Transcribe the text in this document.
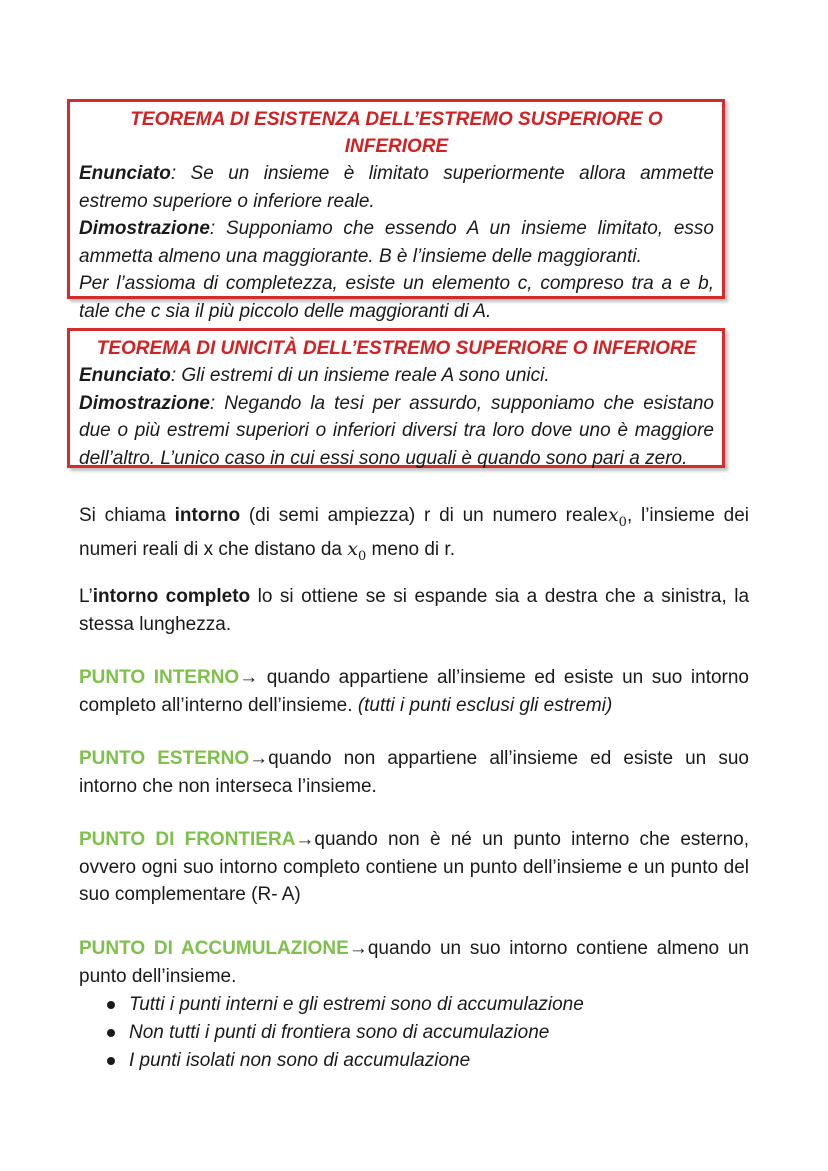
TEOREMA DI ESISTENZA DELL’ESTREMO SUSPERIORE O INFERIORE

Enunciato: Se un insieme è limitato superiormente allora ammette estremo superiore o inferiore reale.

Dimostrazione: Supponiamo che essendo A un insieme limitato, esso ammetta almeno una maggiorante. B è l’insieme delle maggioranti.

Per l’assioma di completezza, esiste un elemento c, compreso tra a e b, tale che c sia il più piccolo delle maggioranti di A.

TEOREMA DI UNICITÀ DELL’ESTREMO SUPERIORE O INFERIORE

Enunciato: Gli estremi di un insieme reale A sono unici.

Dimostrazione: Negando la tesi per assurdo, supponiamo che esistano due o più estremi superiori o inferiori diversi tra loro dove uno è maggiore dell’altro. L’unico caso in cui essi sono uguali è quando sono pari a zero.

Si chiama intorno (di semi ampiezza) r di un numero realex$_0$, l’insieme dei numeri reali di x che distano da $x_0$ meno di r.

L’intorno completo lo si ottiene se si espande sia a destra che a sinistra, la stessa lunghezza.

PUNTO INTERNO→ quando appartiene all’insieme ed esiste un suo intorno completo all’interno dell’insieme. (tutti i punti esclusi gli estremi)

PUNTO ESTERNO→quando non appartiene all’insieme ed esiste un suo intorno che non interseca l’insieme.

PUNTO DI FRONTIERA→quando non è né un punto interno che esterno, ovvero ogni suo intorno completo contiene un punto dell’insieme e un punto del suo complementare (R- A)

PUNTO DI ACCUMULAZIONE→quando un suo intorno contiene almeno un punto dell’insieme.

Tutti i punti interni e gli estremi sono di accumulazione
Non tutti i punti di frontiera sono di accumulazione
I punti isolati non sono di accumulazione
